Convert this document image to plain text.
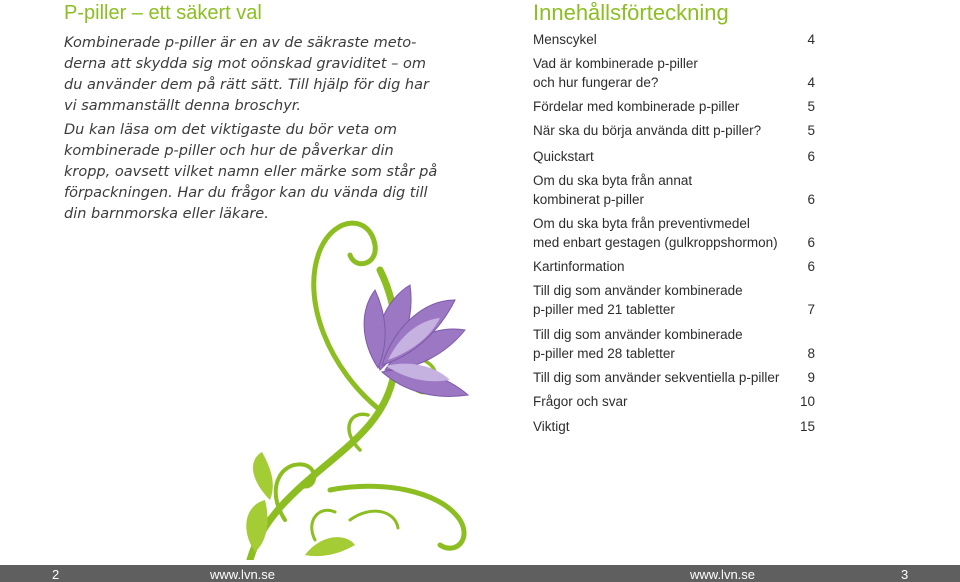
P-piller – ett säkert val
Kombinerade p-piller är en av de säkraste meto-
derna att skydda sig mot oönskad graviditet – om
du använder dem på rätt sätt. Till hjälp för dig har
vi sammanställt denna broschyr.
Du kan läsa om det viktigaste du bör veta om
kombinerade p-piller och hur de påverkar din
kropp, oavsett vilket namn eller märke som står på
förpackningen. Har du frågor kan du vända dig till
din barnmorska eller läkare.
Innehållsförteckning
Menscykel	4
Vad är kombinerade p-piller
och hur fungerar de?	4
Fördelar med kombinerade p-piller	5
När ska du börja använda ditt p-piller?	5
Quickstart	6
Om du ska byta från annat
kombinerat p-piller	6
Om du ska byta från preventivmedel
med enbart gestagen (gulkroppshormon)	6
Kartinformation	6
Till dig som använder kombinerade
p-piller med 21 tabletter	7
Till dig som använder kombinerade
p-piller med 28 tabletter	8
Till dig som använder sekventiella p-piller	9
Frågor och svar	10
Viktigt	15
2	www.lvn.se	www.lvn.se	3
